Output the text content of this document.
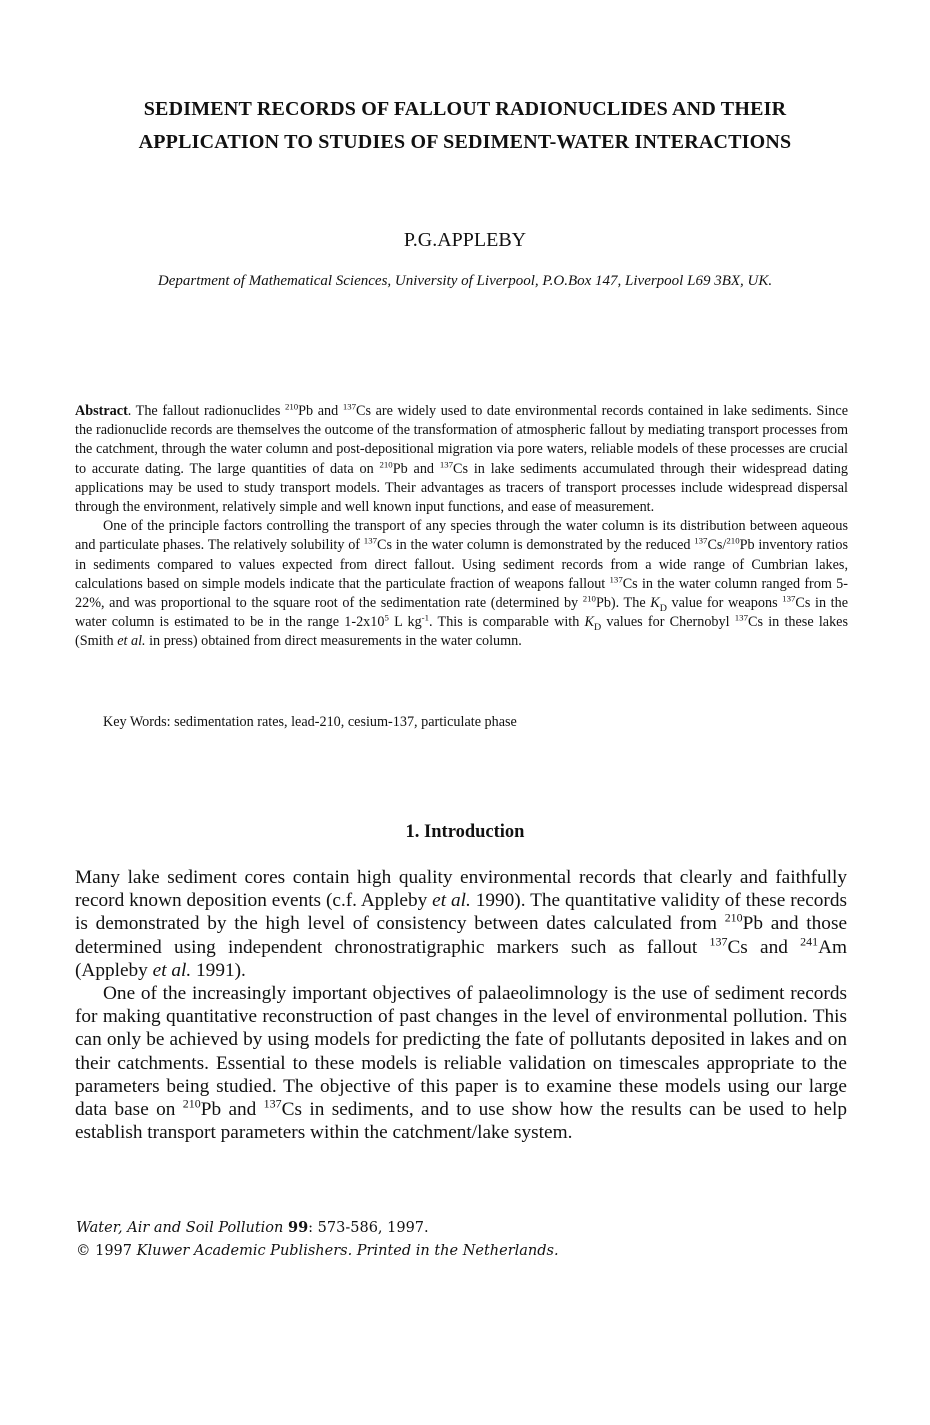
SEDIMENT RECORDS OF FALLOUT RADIONUCLIDES AND THEIR
APPLICATION TO STUDIES OF SEDIMENT-WATER INTERACTIONS

P.G.APPLEBY

Department of Mathematical Sciences, University of Liverpool, P.O.Box 147, Liverpool L69 3BX, UK.

Abstract. The fallout radionuclides $^{210}$Pb and $^{137}$Cs are widely used to date environmental records contained in lake sediments. Since the radionuclide records are themselves the outcome of the transformation of atmospheric fallout by mediating transport processes from the catchment, through the water column and post-depositional migration via pore waters, reliable models of these processes are crucial to accurate dating. The large quantities of data on $^{210}$Pb and $^{137}$Cs in lake sediments accumulated through their widespread dating applications may be used to study transport models. Their advantages as tracers of transport processes include widespread dispersal through the environment, relatively simple and well known input functions, and ease of measurement.

One of the principle factors controlling the transport of any species through the water column is its distribution between aqueous and particulate phases. The relatively solubility of $^{137}$Cs in the water column is demonstrated by the reduced $^{137}$Cs/$^{210}$Pb inventory ratios in sediments compared to values expected from direct fallout. Using sediment records from a wide range of Cumbrian lakes, calculations based on simple models indicate that the particulate fraction of weapons fallout $^{137}$Cs in the water column ranged from 5-22%, and was proportional to the square root of the sedimentation rate (determined by $^{210}$Pb). The $K_D$ value for weapons $^{137}$Cs in the water column is estimated to be in the range $1-2x10^5$ L $kg^{-1}$. This is comparable with $K_D$ values for Chernobyl $^{137}$Cs in these lakes (Smith et al. in press) obtained from direct measurements in the water column.

Key Words: sedimentation rates, lead-210, cesium-137, particulate phase

1. Introduction

Many lake sediment cores contain high quality environmental records that clearly and faithfully record known deposition events (c.f. Appleby et al. 1990). The quantitative validity of these records is demonstrated by the high level of consistency between dates calculated from $^{210}$Pb and those determined using independent chronostratigraphic markers such as fallout $^{137}$Cs and $^{241}$Am (Appleby et al. 1991).

One of the increasingly important objectives of palaeolimnology is the use of sediment records for making quantitative reconstruction of past changes in the level of environmental pollution. This can only be achieved by using models for predicting the fate of pollutants deposited in lakes and on their catchments. Essential to these models is reliable validation on timescales appropriate to the parameters being studied. The objective of this paper is to examine these models using our large data base on $^{210}$Pb and $^{137}$Cs in sediments, and to use show how the results can be used to help establish transport parameters within the catchment/lake system.

Water, Air and Soil Pollution 99: 573-586, 1997.
© 1997 Kluwer Academic Publishers. Printed in the Netherlands.
